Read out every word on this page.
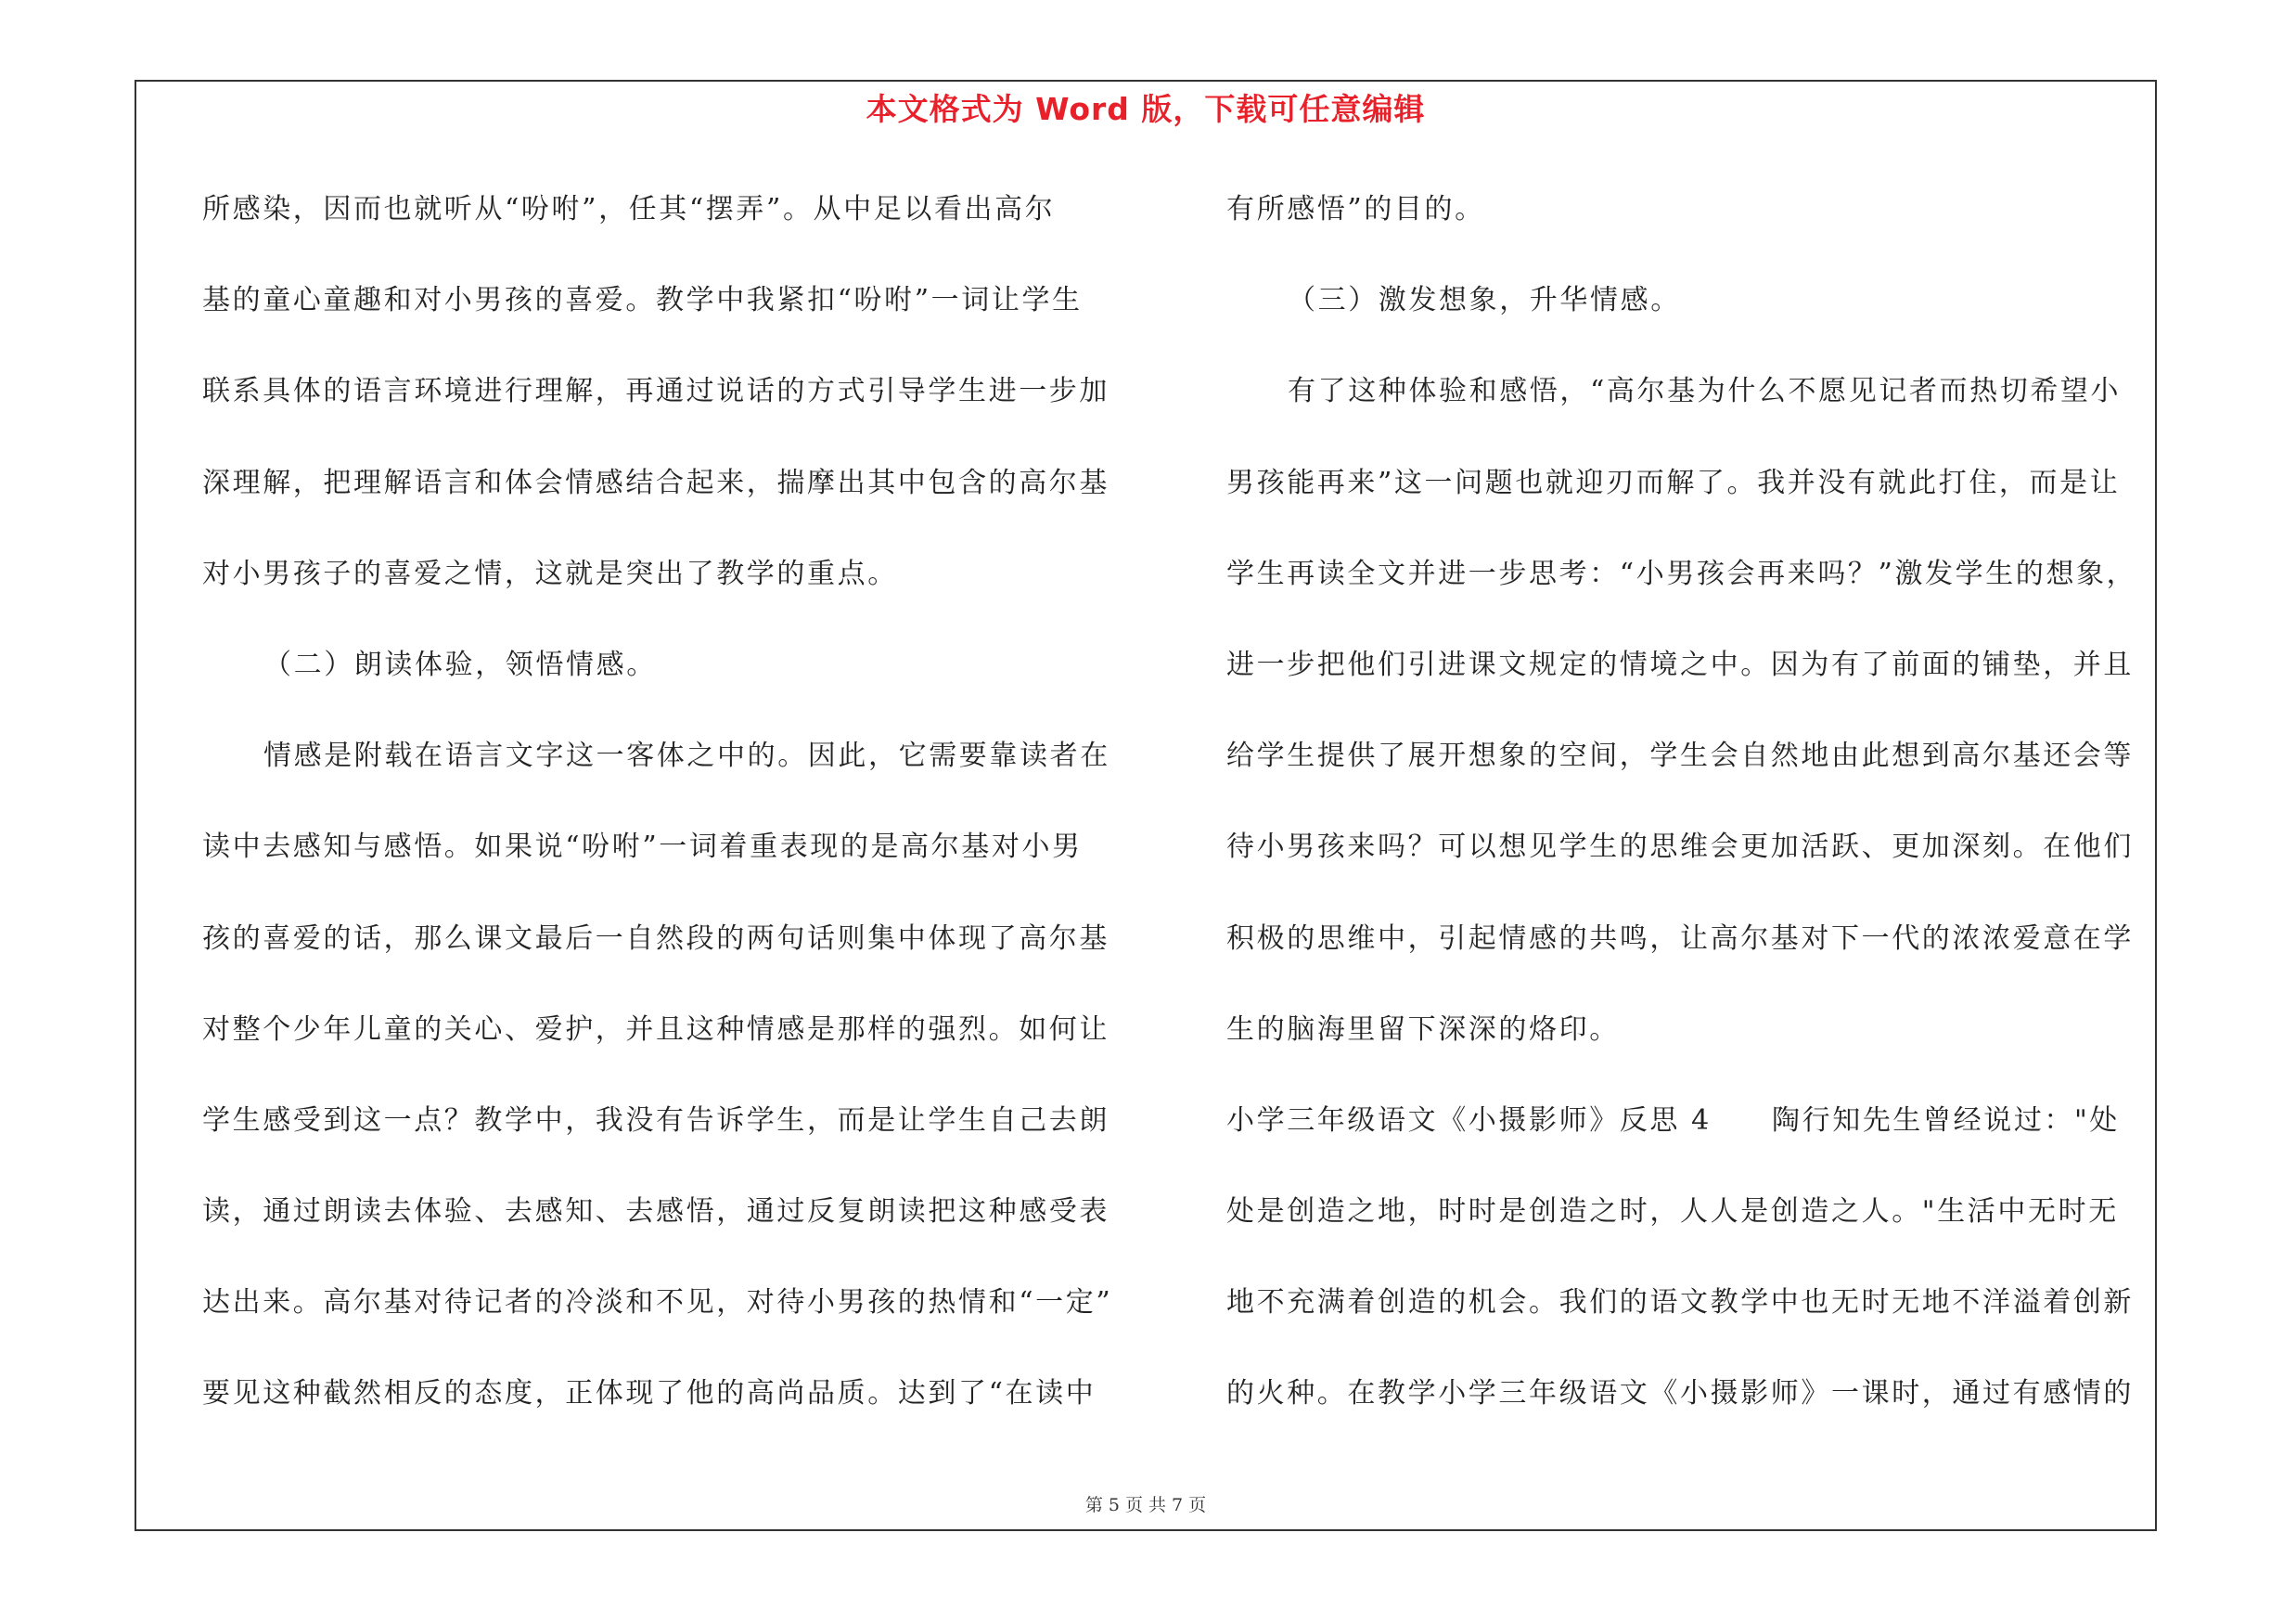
本文格式为 Word 版，下载可任意编辑
所感染，因而也就听从“吩咐”，任其“摆弄”。从中足以看出高尔
基的童心童趣和对小男孩的喜爱。教学中我紧扣“吩咐”一词让学生
联系具体的语言环境进行理解，再通过说话的方式引导学生进一步加
深理解，把理解语言和体会情感结合起来，揣摩出其中包含的高尔基
对小男孩子的喜爱之情，这就是突出了教学的重点。
（二）朗读体验，领悟情感。
情感是附载在语言文字这一客体之中的。因此，它需要靠读者在
读中去感知与感悟。如果说“吩咐”一词着重表现的是高尔基对小男
孩的喜爱的话，那么课文最后一自然段的两句话则集中体现了高尔基
对整个少年儿童的关心、爱护，并且这种情感是那样的强烈。如何让
学生感受到这一点？教学中，我没有告诉学生，而是让学生自己去朗
读，通过朗读去体验、去感知、去感悟，通过反复朗读把这种感受表
达出来。高尔基对待记者的冷淡和不见，对待小男孩的热情和“一定”
要见这种截然相反的态度，正体现了他的高尚品质。达到了“在读中
有所感悟”的目的。
（三）激发想象，升华情感。
有了这种体验和感悟，“高尔基为什么不愿见记者而热切希望小
男孩能再来”这一问题也就迎刃而解了。我并没有就此打住，而是让
学生再读全文并进一步思考：“小男孩会再来吗？”激发学生的想象，
进一步把他们引进课文规定的情境之中。因为有了前面的铺垫，并且
给学生提供了展开想象的空间，学生会自然地由此想到高尔基还会等
待小男孩来吗？可以想见学生的思维会更加活跃、更加深刻。在他们
积极的思维中，引起情感的共鸣，让高尔基对下一代的浓浓爱意在学
生的脑海里留下深深的烙印。
小学三年级语文《小摄影师》反思 4　　陶行知先生曾经说过："处
处是创造之地，时时是创造之时，人人是创造之人。"生活中无时无
地不充满着创造的机会。我们的语文教学中也无时无地不洋溢着创新
的火种。在教学小学三年级语文《小摄影师》一课时，通过有感情的
第 5 页 共 7 页
